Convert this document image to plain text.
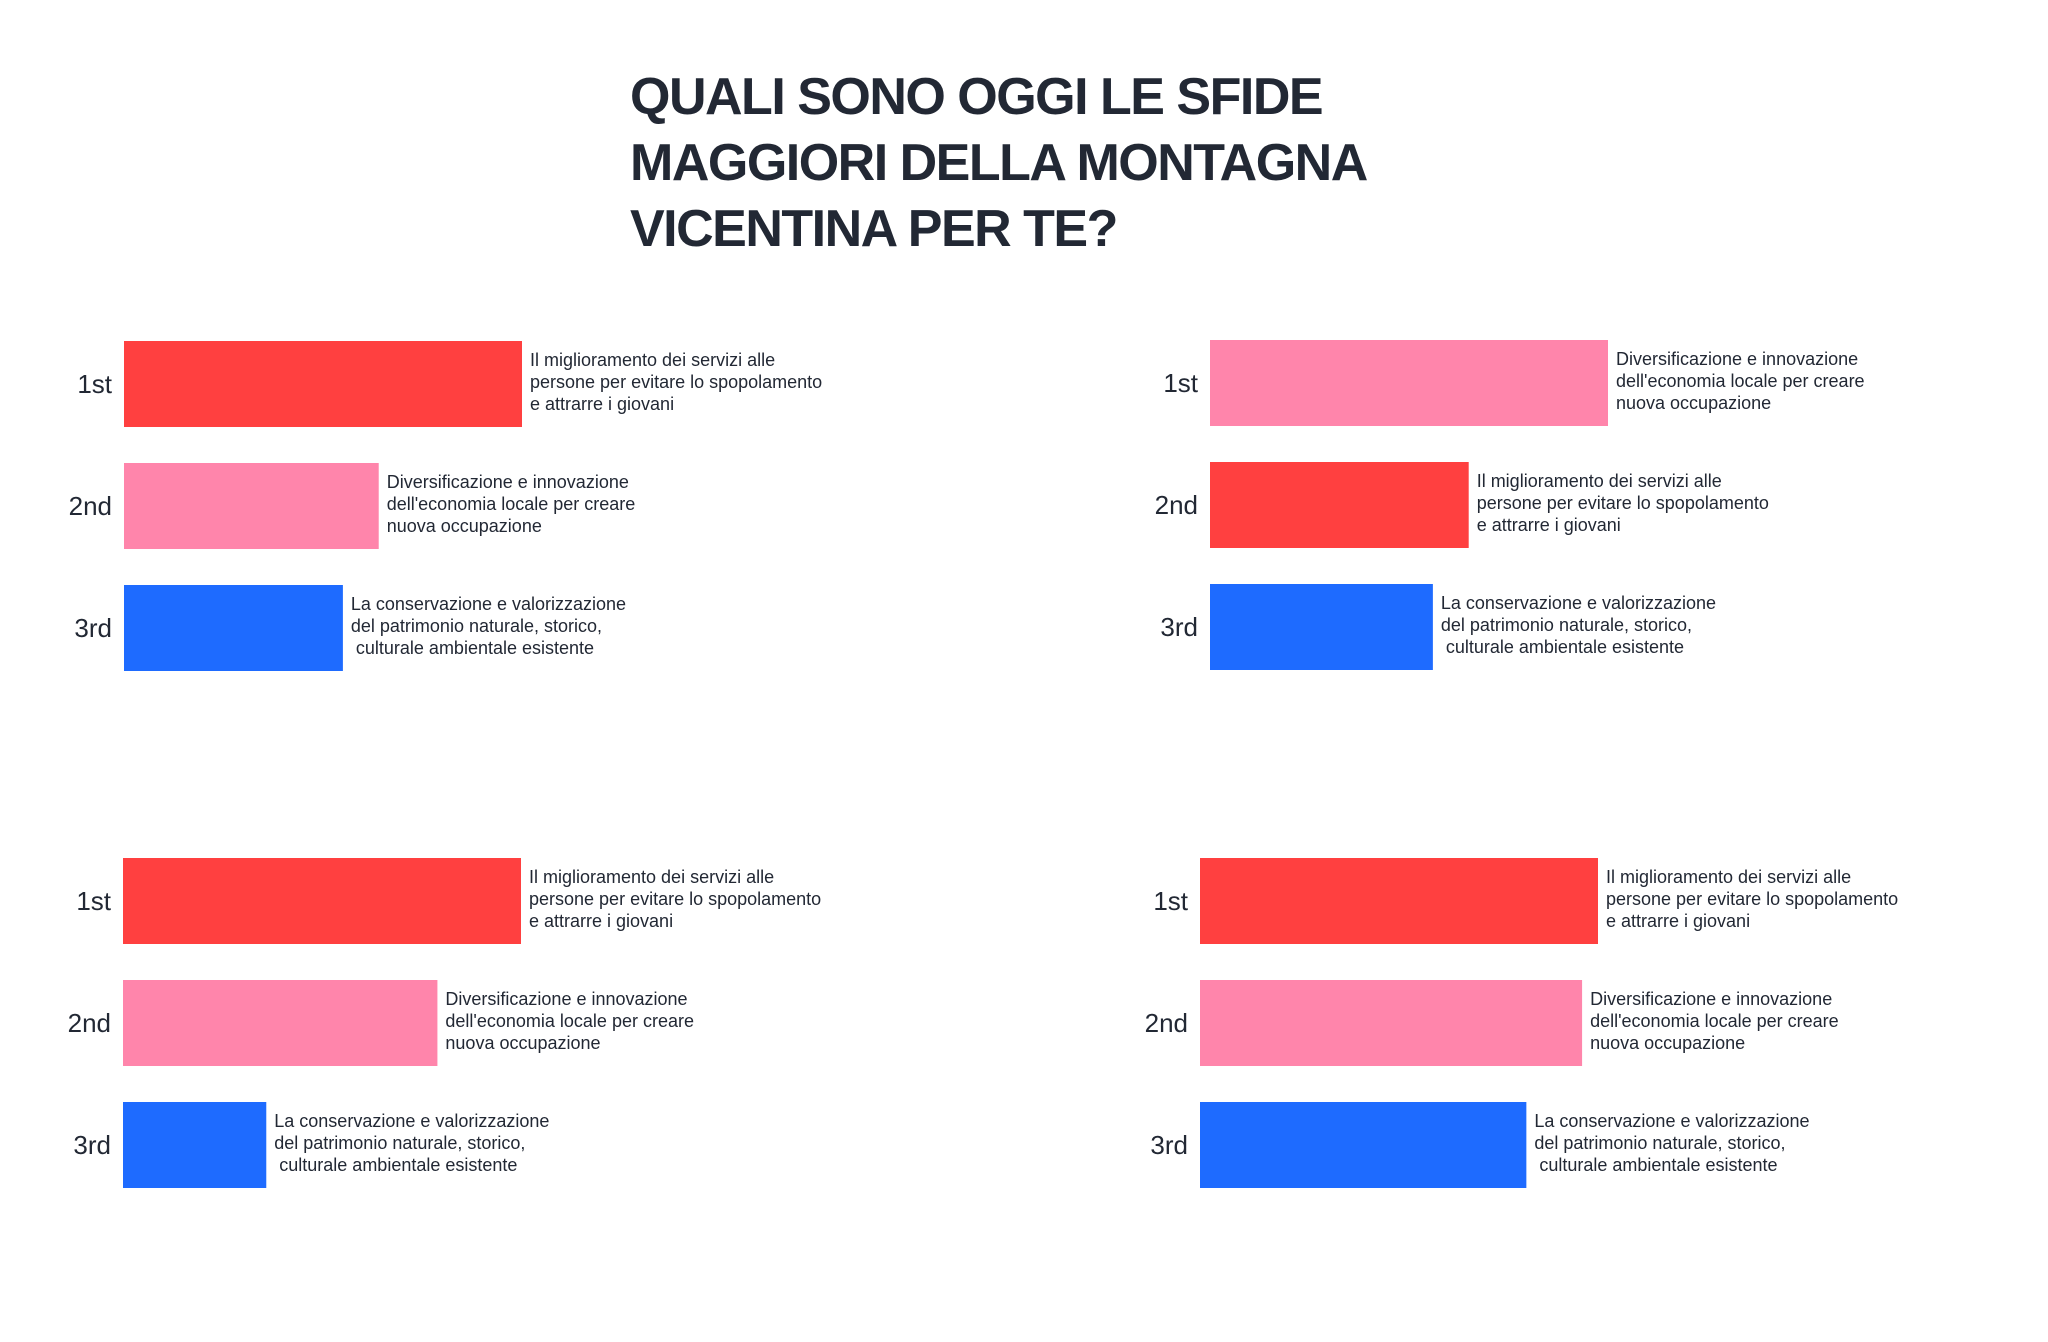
QUALI SONO OGGI LE SFIDE
MAGGIORI DELLA MONTAGNA
VICENTINA PER TE?
1st
Il miglioramento dei servizi alle persone per evitare lo spopolamento e attrarre i giovani
2nd
Diversificazione e innovazione dell'economia locale per creare nuova occupazione
3rd
La conservazione e valorizzazione del patrimonio naturale, storico, culturale ambientale esistente
1st
Diversificazione e innovazione dell'economia locale per creare nuova occupazione
2nd
Il miglioramento dei servizi alle persone per evitare lo spopolamento e attrarre i giovani
3rd
La conservazione e valorizzazione del patrimonio naturale, storico, culturale ambientale esistente
1st
Il miglioramento dei servizi alle persone per evitare lo spopolamento e attrarre i giovani
2nd
Diversificazione e innovazione dell'economia locale per creare nuova occupazione
3rd
La conservazione e valorizzazione del patrimonio naturale, storico, culturale ambientale esistente
1st
Il miglioramento dei servizi alle persone per evitare lo spopolamento e attrarre i giovani
2nd
Diversificazione e innovazione dell'economia locale per creare nuova occupazione
3rd
La conservazione e valorizzazione del patrimonio naturale, storico, culturale ambientale esistente
